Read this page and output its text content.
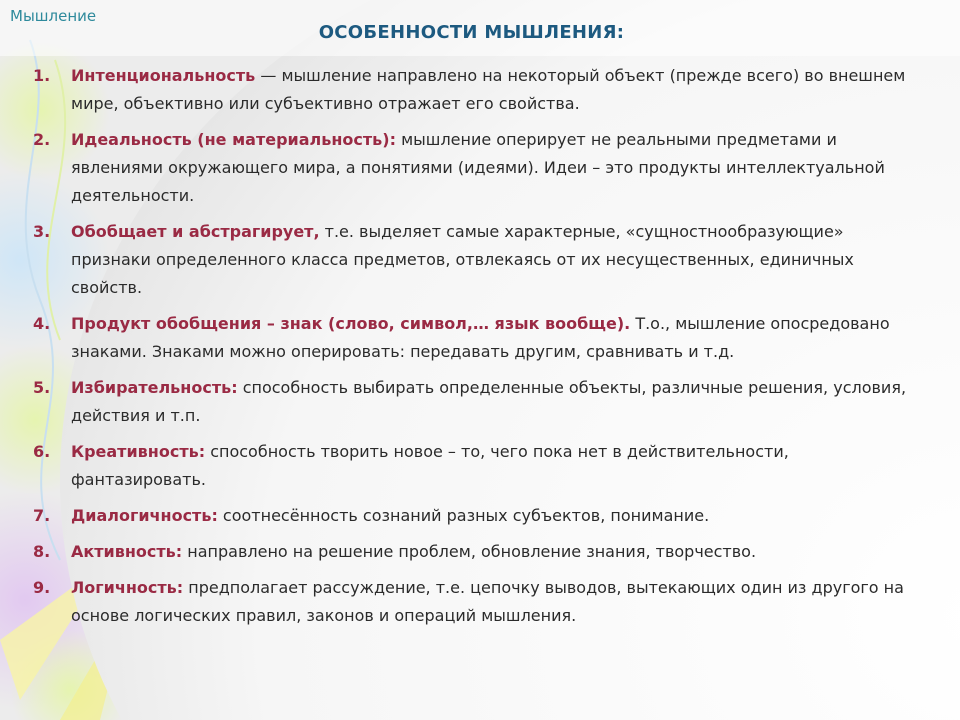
Мышление
ОСОБЕННОСТИ МЫШЛЕНИЯ:
1. Интенциональность — мышление направлено на некоторый объект (прежде всего) во внешнем мире, объективно или субъективно отражает его свойства.
2. Идеальность (не материальность): мышление оперирует не реальными предметами и явлениями окружающего мира, а понятиями (идеями). Идеи – это продукты интеллектуальной деятельности.
3. Обобщает и абстрагирует, т.е. выделяет самые характерные, «сущностнообразующие» признаки определенного класса предметов, отвлекаясь от их несущественных, единичных свойств.
4. Продукт обобщения – знак (слово, символ,… язык вообще). Т.о., мышление опосредовано знаками. Знаками можно оперировать: передавать другим, сравнивать и т.д.
5. Избирательность: способность выбирать определенные объекты, различные решения, условия, действия и т.п.
6. Креативность: способность творить новое – то, чего пока нет в действительности, фантазировать.
7. Диалогичность: соотнесённость сознаний разных субъектов, понимание.
8. Активность: направлено на решение проблем, обновление знания, творчество.
9. Логичность: предполагает рассуждение, т.е. цепочку выводов, вытекающих один из другого на основе логических правил, законов и операций мышления.
